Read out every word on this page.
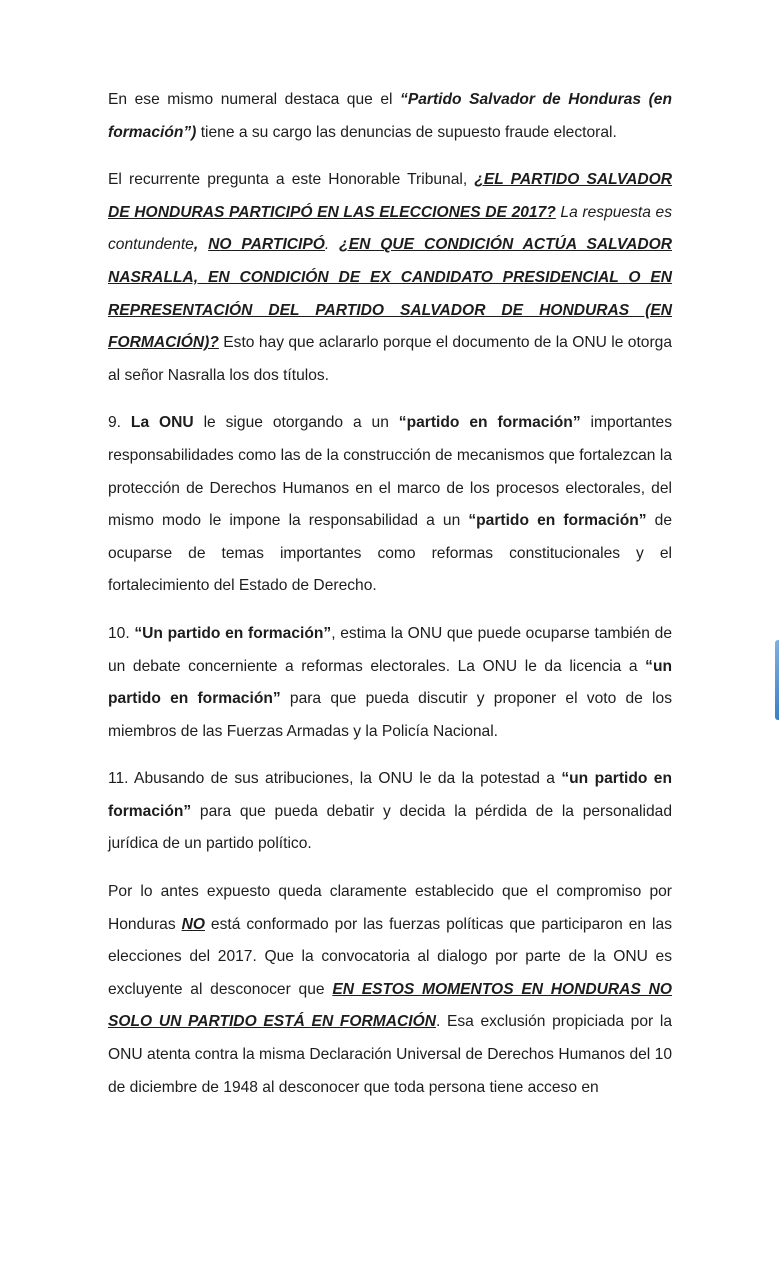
En ese mismo numeral destaca que el “Partido Salvador de Honduras (en formación”) tiene a su cargo las denuncias de supuesto fraude electoral.

El recurrente pregunta a este Honorable Tribunal, ¿EL PARTIDO SALVADOR DE HONDURAS PARTICIPÓ EN LAS ELECCIONES DE 2017? La respuesta es contundente, NO PARTICIPÓ. ¿EN QUE CONDICIÓN ACTÚA SALVADOR NASRALLA, EN CONDICIÓN DE EX CANDIDATO PRESIDENCIAL O EN REPRESENTACIÓN DEL PARTIDO SALVADOR DE HONDURAS (EN FORMACIÓN)? Esto hay que aclararlo porque el documento de la ONU le otorga al señor Nasralla los dos títulos.

9. La ONU le sigue otorgando a un “partido en formación” importantes responsabilidades como las de la construcción de mecanismos que fortalezcan la protección de Derechos Humanos en el marco de los procesos electorales, del mismo modo le impone la responsabilidad a un “partido en formación” de ocuparse de temas importantes como reformas constitucionales y el fortalecimiento del Estado de Derecho.

10. “Un partido en formación”, estima la ONU que puede ocuparse también de un debate concerniente a reformas electorales. La ONU le da licencia a “un partido en formación” para que pueda discutir y proponer el voto de los miembros de las Fuerzas Armadas y la Policía Nacional.

11. Abusando de sus atribuciones, la ONU le da la potestad a “un partido en formación” para que pueda debatir y decida la pérdida de la personalidad jurídica de un partido político.

Por lo antes expuesto queda claramente establecido que el compromiso por Honduras NO está conformado por las fuerzas políticas que participaron en las elecciones del 2017. Que la convocatoria al dialogo por parte de la ONU es excluyente al desconocer que EN ESTOS MOMENTOS EN HONDURAS NO SOLO UN PARTIDO ESTÁ EN FORMACIÓN. Esa exclusión propiciada por la ONU atenta contra la misma Declaración Universal de Derechos Humanos del 10 de diciembre de 1948 al desconocer que toda persona tiene acceso en
